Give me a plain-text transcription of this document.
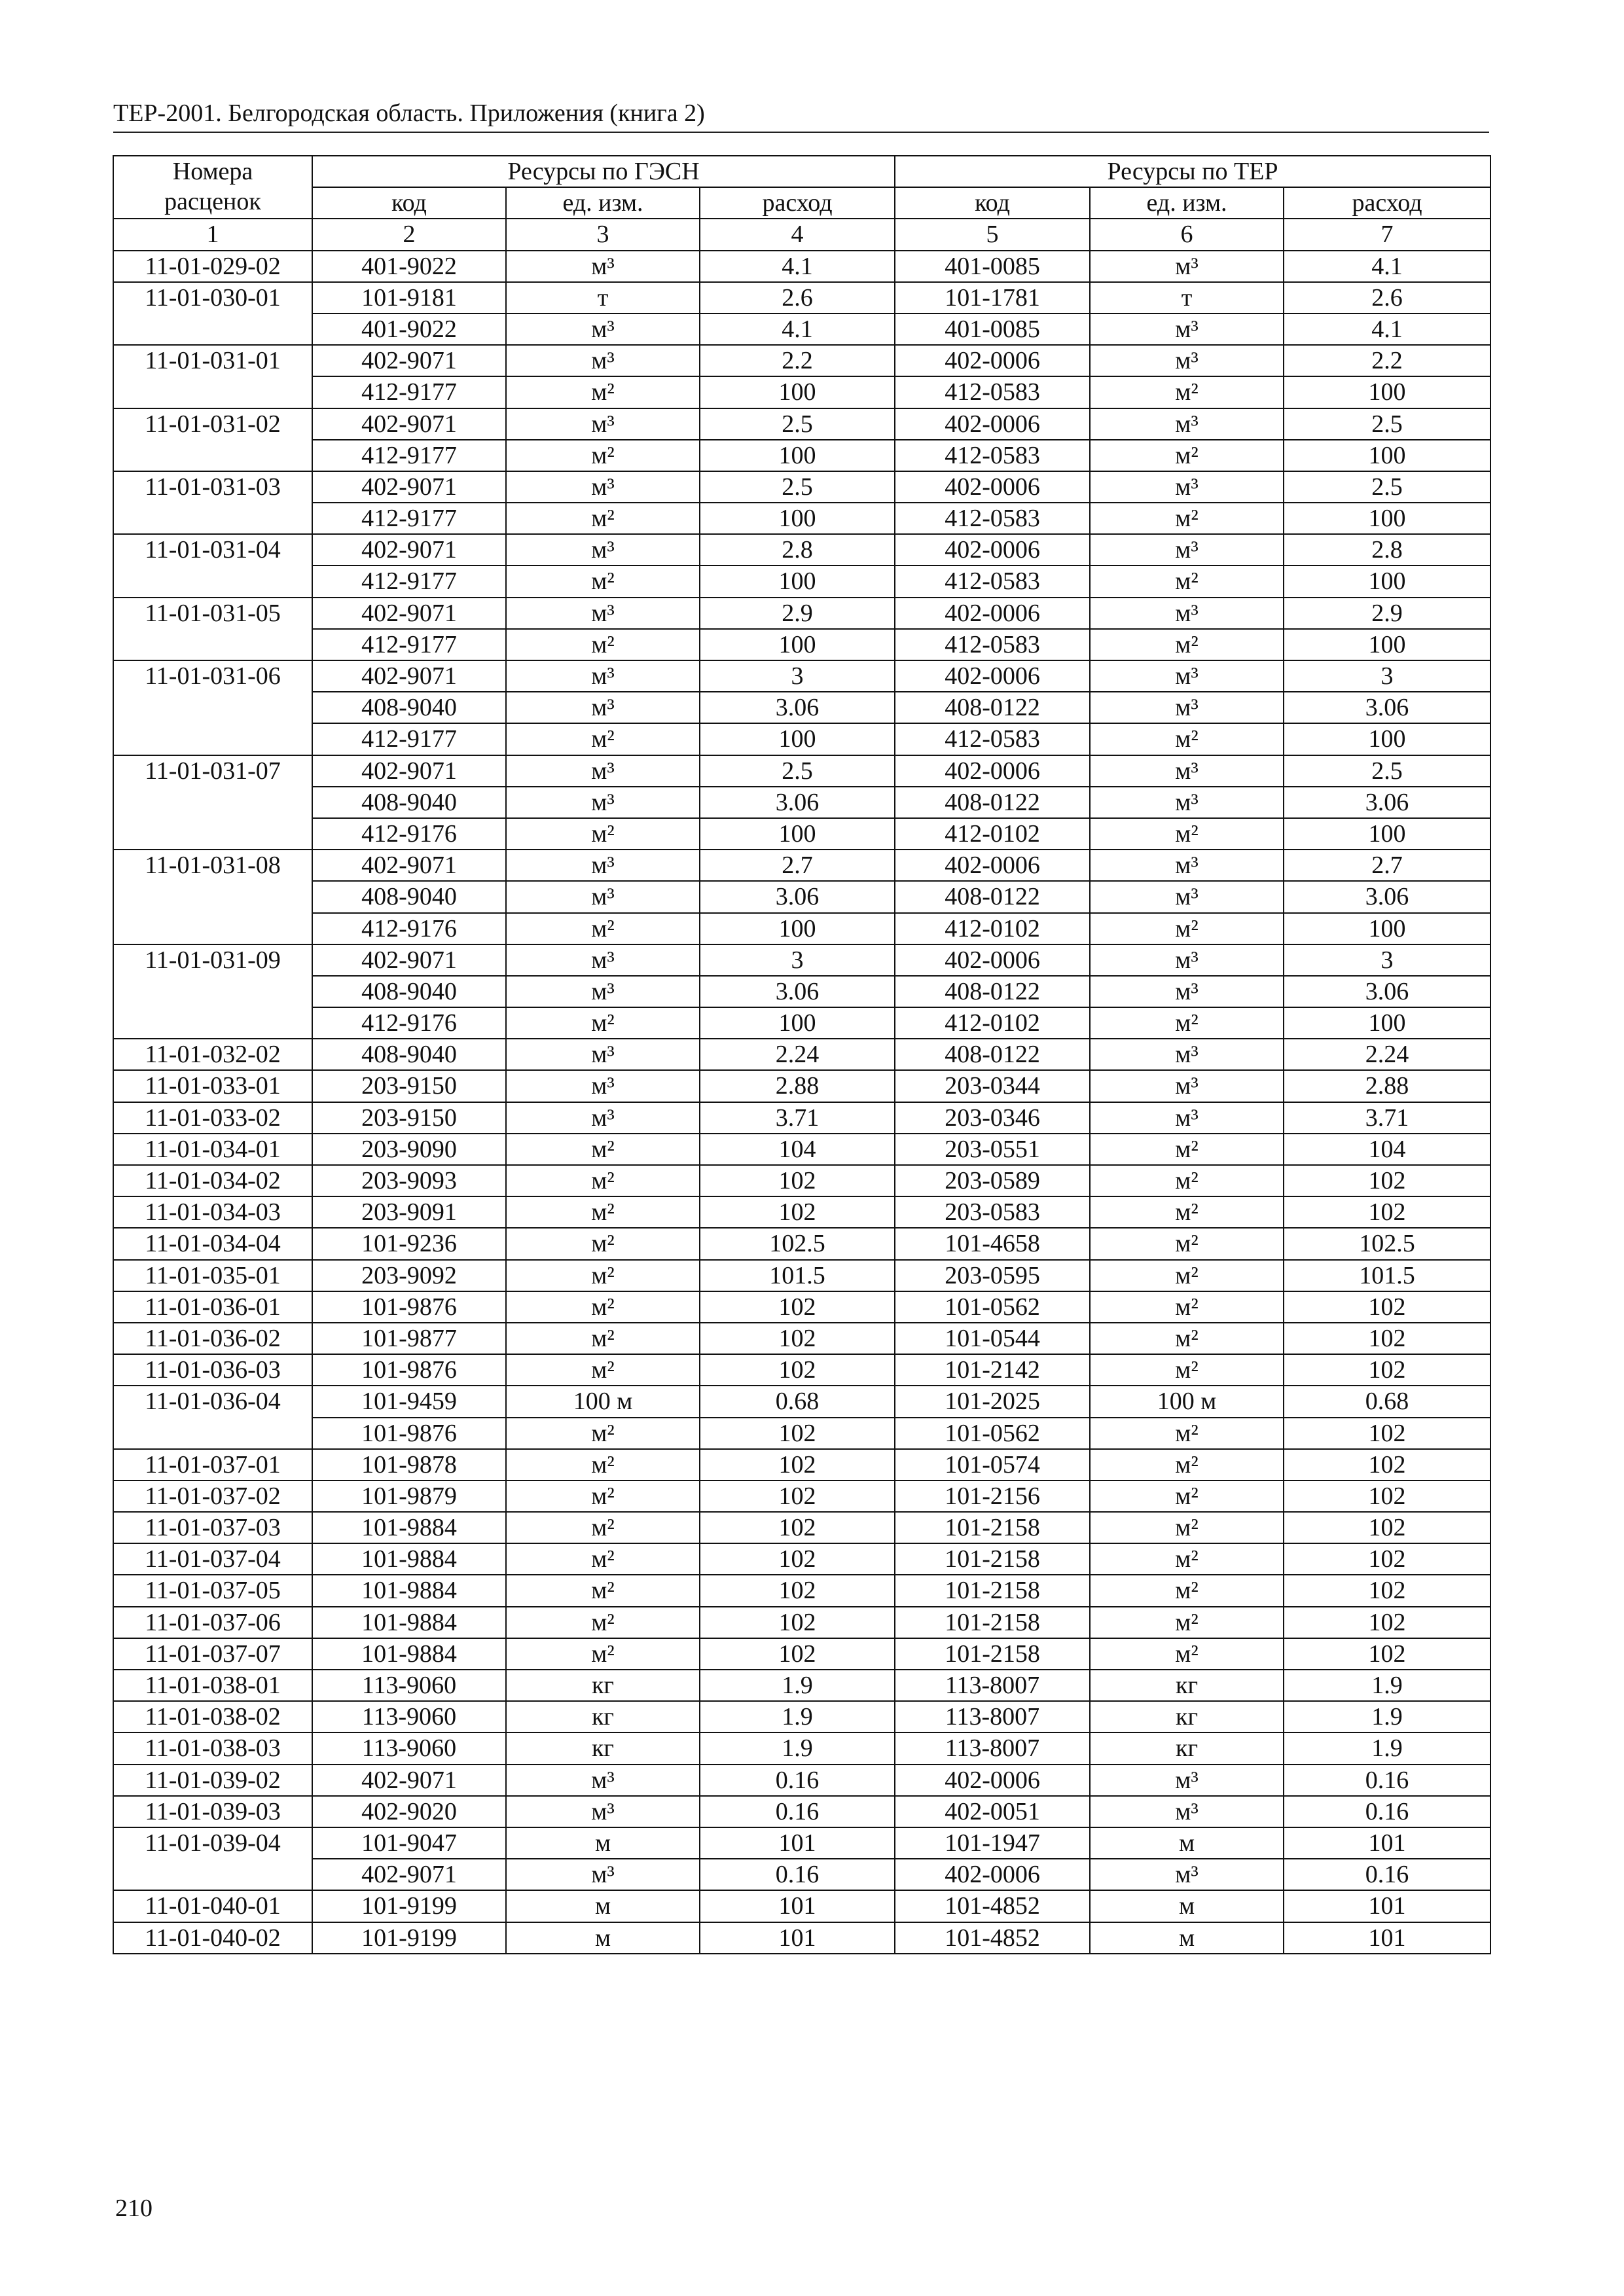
ТЕР-2001. Белгородская область. Приложения (книга 2)
Номера
расценок	Ресурсы по ГЭСН			Ресурсы по ТЕР		
	код	ед. изм.	расход	код	ед. изм.	расход
1	2	3	4	5	6	7
11-01-029-02	401-9022	м³	4.1	401-0085	м³	4.1
11-01-030-01	101-9181	т	2.6	101-1781	т	2.6
	401-9022	м³	4.1	401-0085	м³	4.1
11-01-031-01	402-9071	м³	2.2	402-0006	м³	2.2
	412-9177	м²	100	412-0583	м²	100
11-01-031-02	402-9071	м³	2.5	402-0006	м³	2.5
	412-9177	м²	100	412-0583	м²	100
11-01-031-03	402-9071	м³	2.5	402-0006	м³	2.5
	412-9177	м²	100	412-0583	м²	100
11-01-031-04	402-9071	м³	2.8	402-0006	м³	2.8
	412-9177	м²	100	412-0583	м²	100
11-01-031-05	402-9071	м³	2.9	402-0006	м³	2.9
	412-9177	м²	100	412-0583	м²	100
11-01-031-06	402-9071	м³	3	402-0006	м³	3
	408-9040	м³	3.06	408-0122	м³	3.06
	412-9177	м²	100	412-0583	м²	100
11-01-031-07	402-9071	м³	2.5	402-0006	м³	2.5
	408-9040	м³	3.06	408-0122	м³	3.06
	412-9176	м²	100	412-0102	м²	100
11-01-031-08	402-9071	м³	2.7	402-0006	м³	2.7
	408-9040	м³	3.06	408-0122	м³	3.06
	412-9176	м²	100	412-0102	м²	100
11-01-031-09	402-9071	м³	3	402-0006	м³	3
	408-9040	м³	3.06	408-0122	м³	3.06
	412-9176	м²	100	412-0102	м²	100
11-01-032-02	408-9040	м³	2.24	408-0122	м³	2.24
11-01-033-01	203-9150	м³	2.88	203-0344	м³	2.88
11-01-033-02	203-9150	м³	3.71	203-0346	м³	3.71
11-01-034-01	203-9090	м²	104	203-0551	м²	104
11-01-034-02	203-9093	м²	102	203-0589	м²	102
11-01-034-03	203-9091	м²	102	203-0583	м²	102
11-01-034-04	101-9236	м²	102.5	101-4658	м²	102.5
11-01-035-01	203-9092	м²	101.5	203-0595	м²	101.5
11-01-036-01	101-9876	м²	102	101-0562	м²	102
11-01-036-02	101-9877	м²	102	101-0544	м²	102
11-01-036-03	101-9876	м²	102	101-2142	м²	102
11-01-036-04	101-9459	100 м	0.68	101-2025	100 м	0.68
	101-9876	м²	102	101-0562	м²	102
11-01-037-01	101-9878	м²	102	101-0574	м²	102
11-01-037-02	101-9879	м²	102	101-2156	м²	102
11-01-037-03	101-9884	м²	102	101-2158	м²	102
11-01-037-04	101-9884	м²	102	101-2158	м²	102
11-01-037-05	101-9884	м²	102	101-2158	м²	102
11-01-037-06	101-9884	м²	102	101-2158	м²	102
11-01-037-07	101-9884	м²	102	101-2158	м²	102
11-01-038-01	113-9060	кг	1.9	113-8007	кг	1.9
11-01-038-02	113-9060	кг	1.9	113-8007	кг	1.9
11-01-038-03	113-9060	кг	1.9	113-8007	кг	1.9
11-01-039-02	402-9071	м³	0.16	402-0006	м³	0.16
11-01-039-03	402-9020	м³	0.16	402-0051	м³	0.16
11-01-039-04	101-9047	м	101	101-1947	м	101
	402-9071	м³	0.16	402-0006	м³	0.16
11-01-040-01	101-9199	м	101	101-4852	м	101
11-01-040-02	101-9199	м	101	101-4852	м	101
210
